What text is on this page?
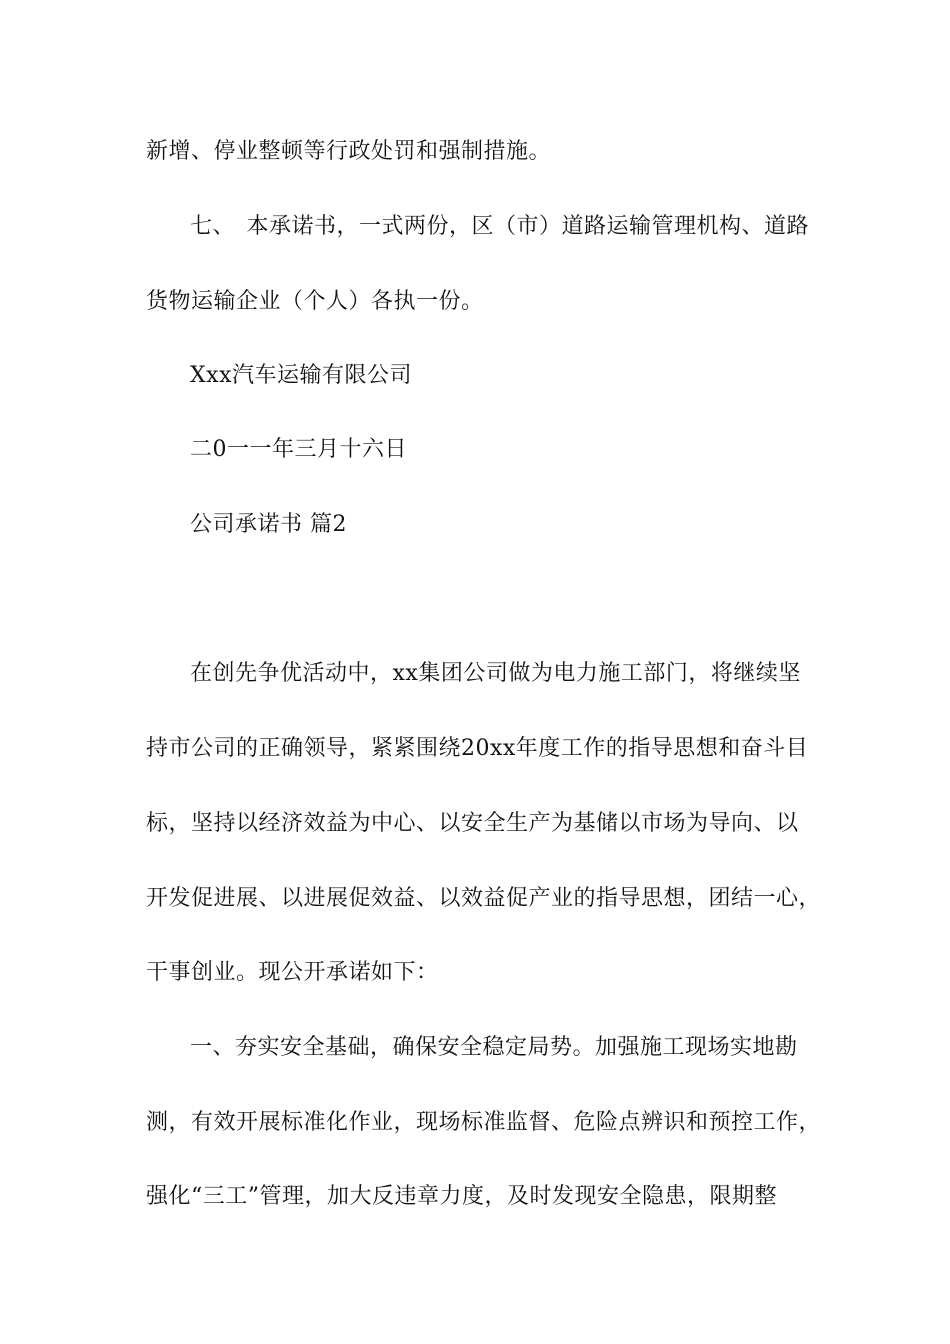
新增、停业整顿等行政处罚和强制措施。
七、　本承诺书，一式两份，区（市）道路运输管理机构、道路
货物运输企业（个人）各执一份。
Xxx汽车运输有限公司
二0一一年三月十六日
公司承诺书 篇2
在创先争优活动中，xx集团公司做为电力施工部门，将继续坚
持市公司的正确领导，紧紧围绕20xx年度工作的指导思想和奋斗目
标，坚持以经济效益为中心、以安全生产为基储以市场为导向、以
开发促进展、以进展促效益、以效益促产业的指导思想，团结一心，
干事创业。现公开承诺如下：
一、夯实安全基础，确保安全稳定局势。加强施工现场实地勘
测，有效开展标准化作业，现场标准监督、危险点辨识和预控工作，
强化“三工”管理，加大反违章力度，及时发现安全隐患，限期整
